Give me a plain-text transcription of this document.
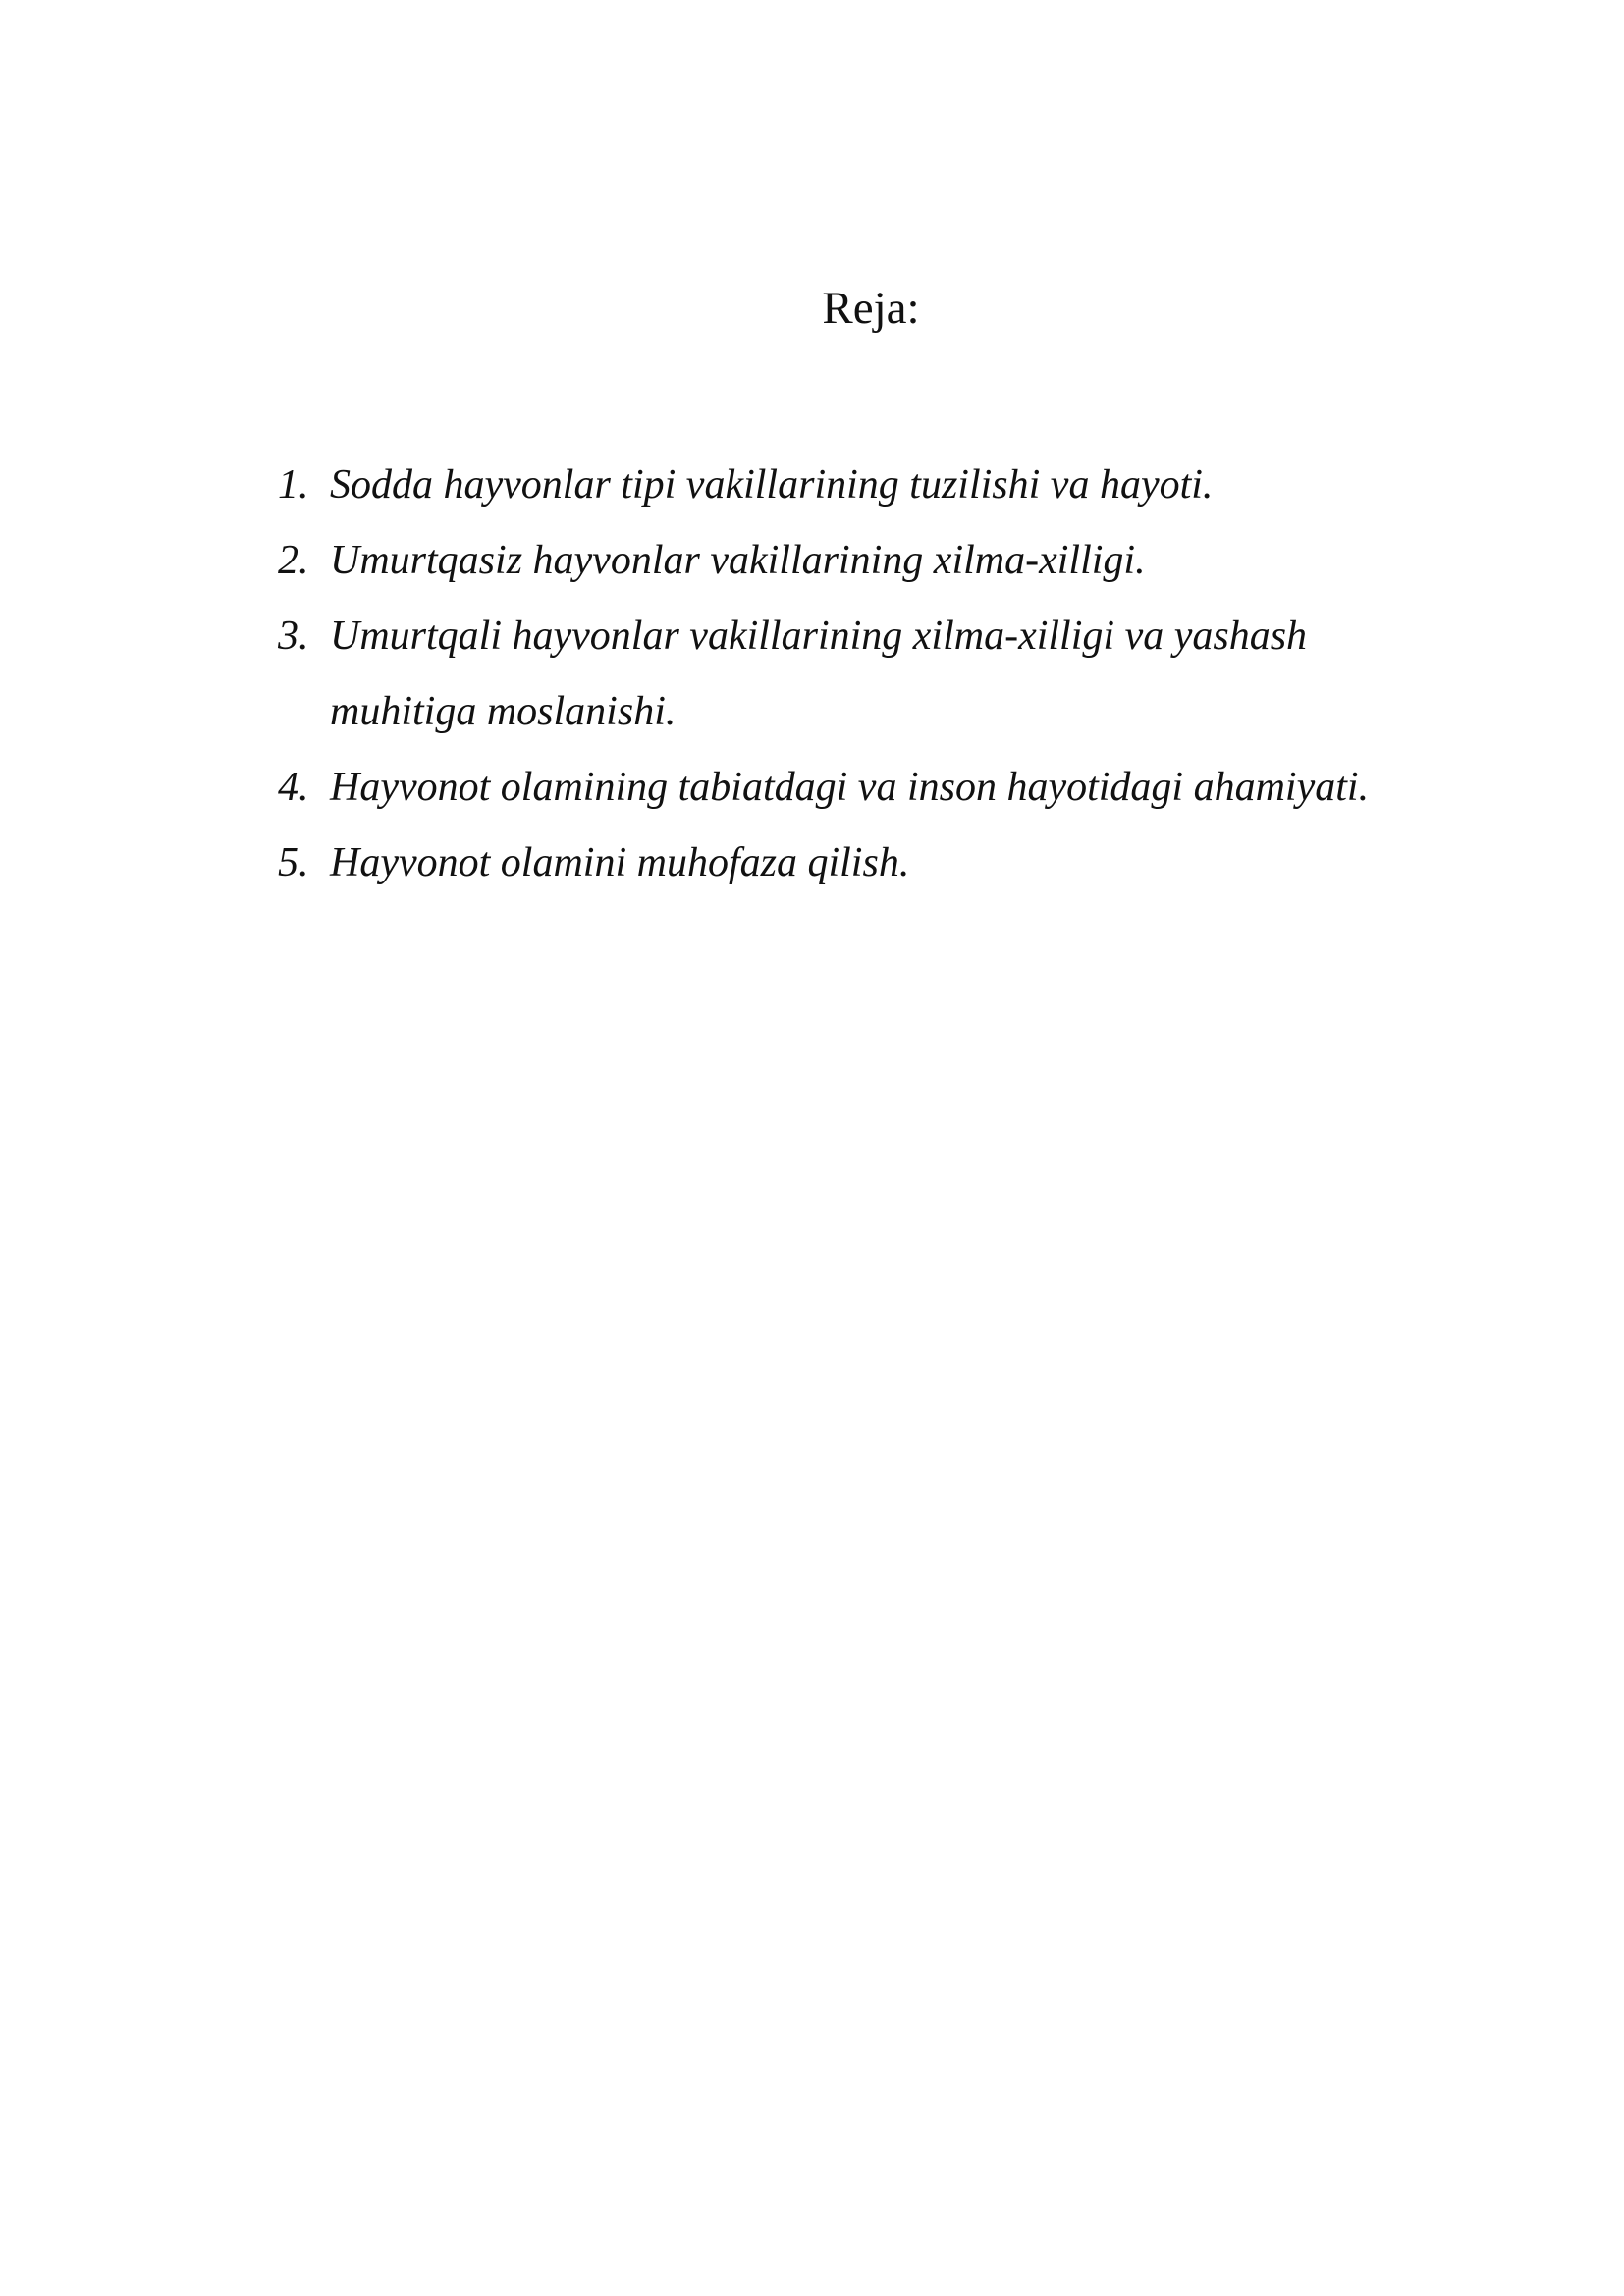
Reja:
1. Sodda hayvonlar tipi vakillarining tuzilishi va hayoti.
2. Umurtqasiz hayvonlar vakillarining xilma-xilligi.
3. Umurtqali hayvonlar vakillarining xilma-xilligi va yashash muhitiga moslanishi.
4. Hayvonot olamining tabiatdagi va inson hayotidagi ahamiyati.
5. Hayvonot olamini muhofaza qilish.
